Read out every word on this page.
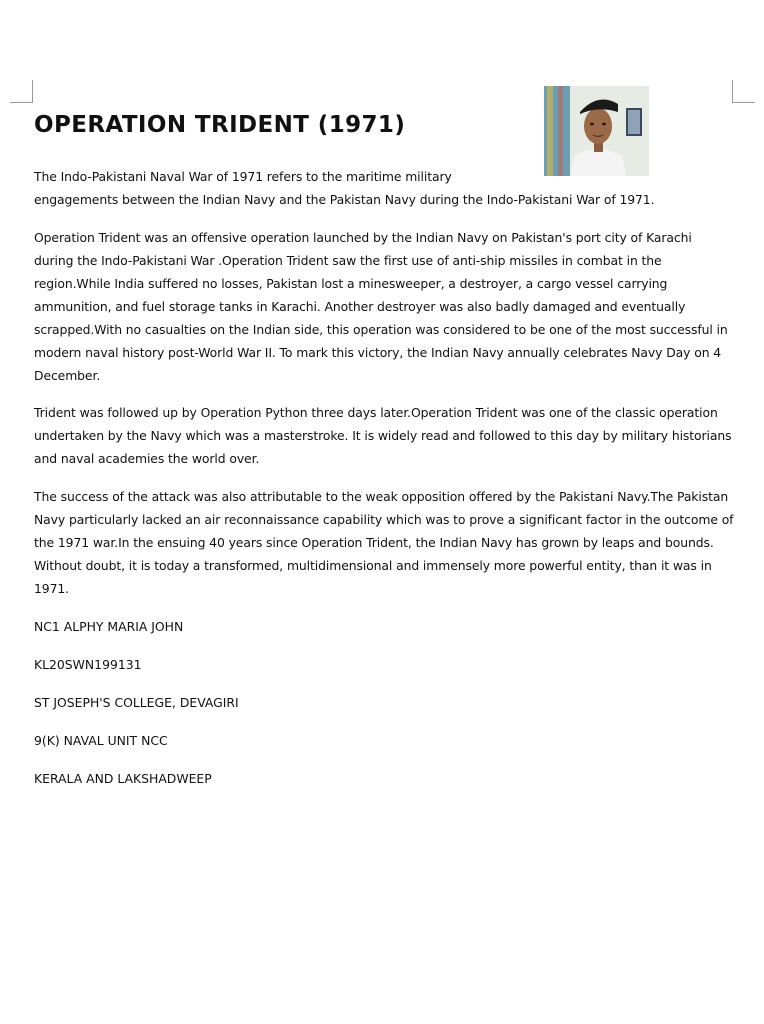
OPERATION TRIDENT (1971)

The Indo-Pakistani Naval War of 1971 refers to the maritime military
engagements between the Indian Navy and the Pakistan Navy during the Indo-Pakistani War of 1971.

Operation Trident was an offensive operation launched by the Indian Navy on Pakistan's port city of Karachi during the Indo-Pakistani War .Operation Trident saw the first use of anti-ship missiles in combat in the region.While India suffered no losses, Pakistan lost a minesweeper, a destroyer, a cargo vessel carrying ammunition, and fuel storage tanks in Karachi. Another destroyer was also badly damaged and eventually scrapped.With no casualties on the Indian side, this operation was considered to be one of the most successful in modern naval history post-World War II. To mark this victory, the Indian Navy annually celebrates Navy Day on 4 December.

Trident was followed up by Operation Python three days later.Operation Trident was one of the classic operation undertaken by the Navy which was a masterstroke. It is widely read and followed to this day by military historians and naval academies the world over.

The success of the attack was also attributable to the weak opposition offered by the Pakistani Navy.The Pakistan Navy particularly lacked an air reconnaissance capability which was to prove a significant factor in the outcome of the 1971 war.In the ensuing 40 years since Operation Trident, the Indian Navy has grown by leaps and bounds. Without doubt, it is today a transformed, multidimensional and immensely more powerful entity, than it was in 1971.

NC1 ALPHY MARIA JOHN

KL20SWN199131

ST JOSEPH'S COLLEGE, DEVAGIRI

9(K) NAVAL UNIT NCC

KERALA AND LAKSHADWEEP
